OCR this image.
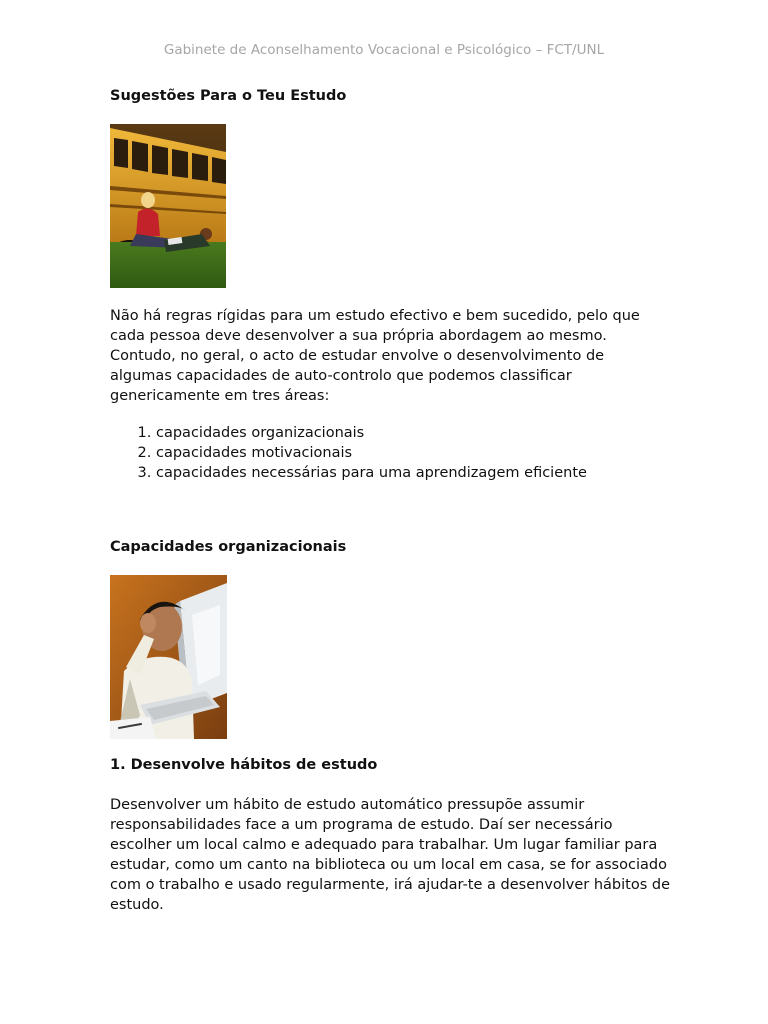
Gabinete de Aconselhamento Vocacional e Psicológico – FCT/UNL
Sugestões Para o Teu Estudo

Não há regras rígidas para um estudo efectivo e bem sucedido, pelo que cada pessoa deve desenvolver a sua própria abordagem ao mesmo. Contudo, no geral, o acto de estudar envolve o desenvolvimento de algumas capacidades de auto-controlo que podemos classificar genericamente em tres áreas:

1. capacidades organizacionais
2. capacidades motivacionais
3. capacidades necessárias para uma aprendizagem eficiente
Capacidades organizacionais
1. Desenvolve hábitos de estudo

Desenvolver um hábito de estudo automático pressupõe assumir responsabilidades face a um programa de estudo. Daí ser necessário escolher um local calmo e adequado para trabalhar. Um lugar familiar para estudar, como um canto na biblioteca ou um local em casa, se for associado com o trabalho e usado regularmente, irá ajudar-te a desenvolver hábitos de estudo.
